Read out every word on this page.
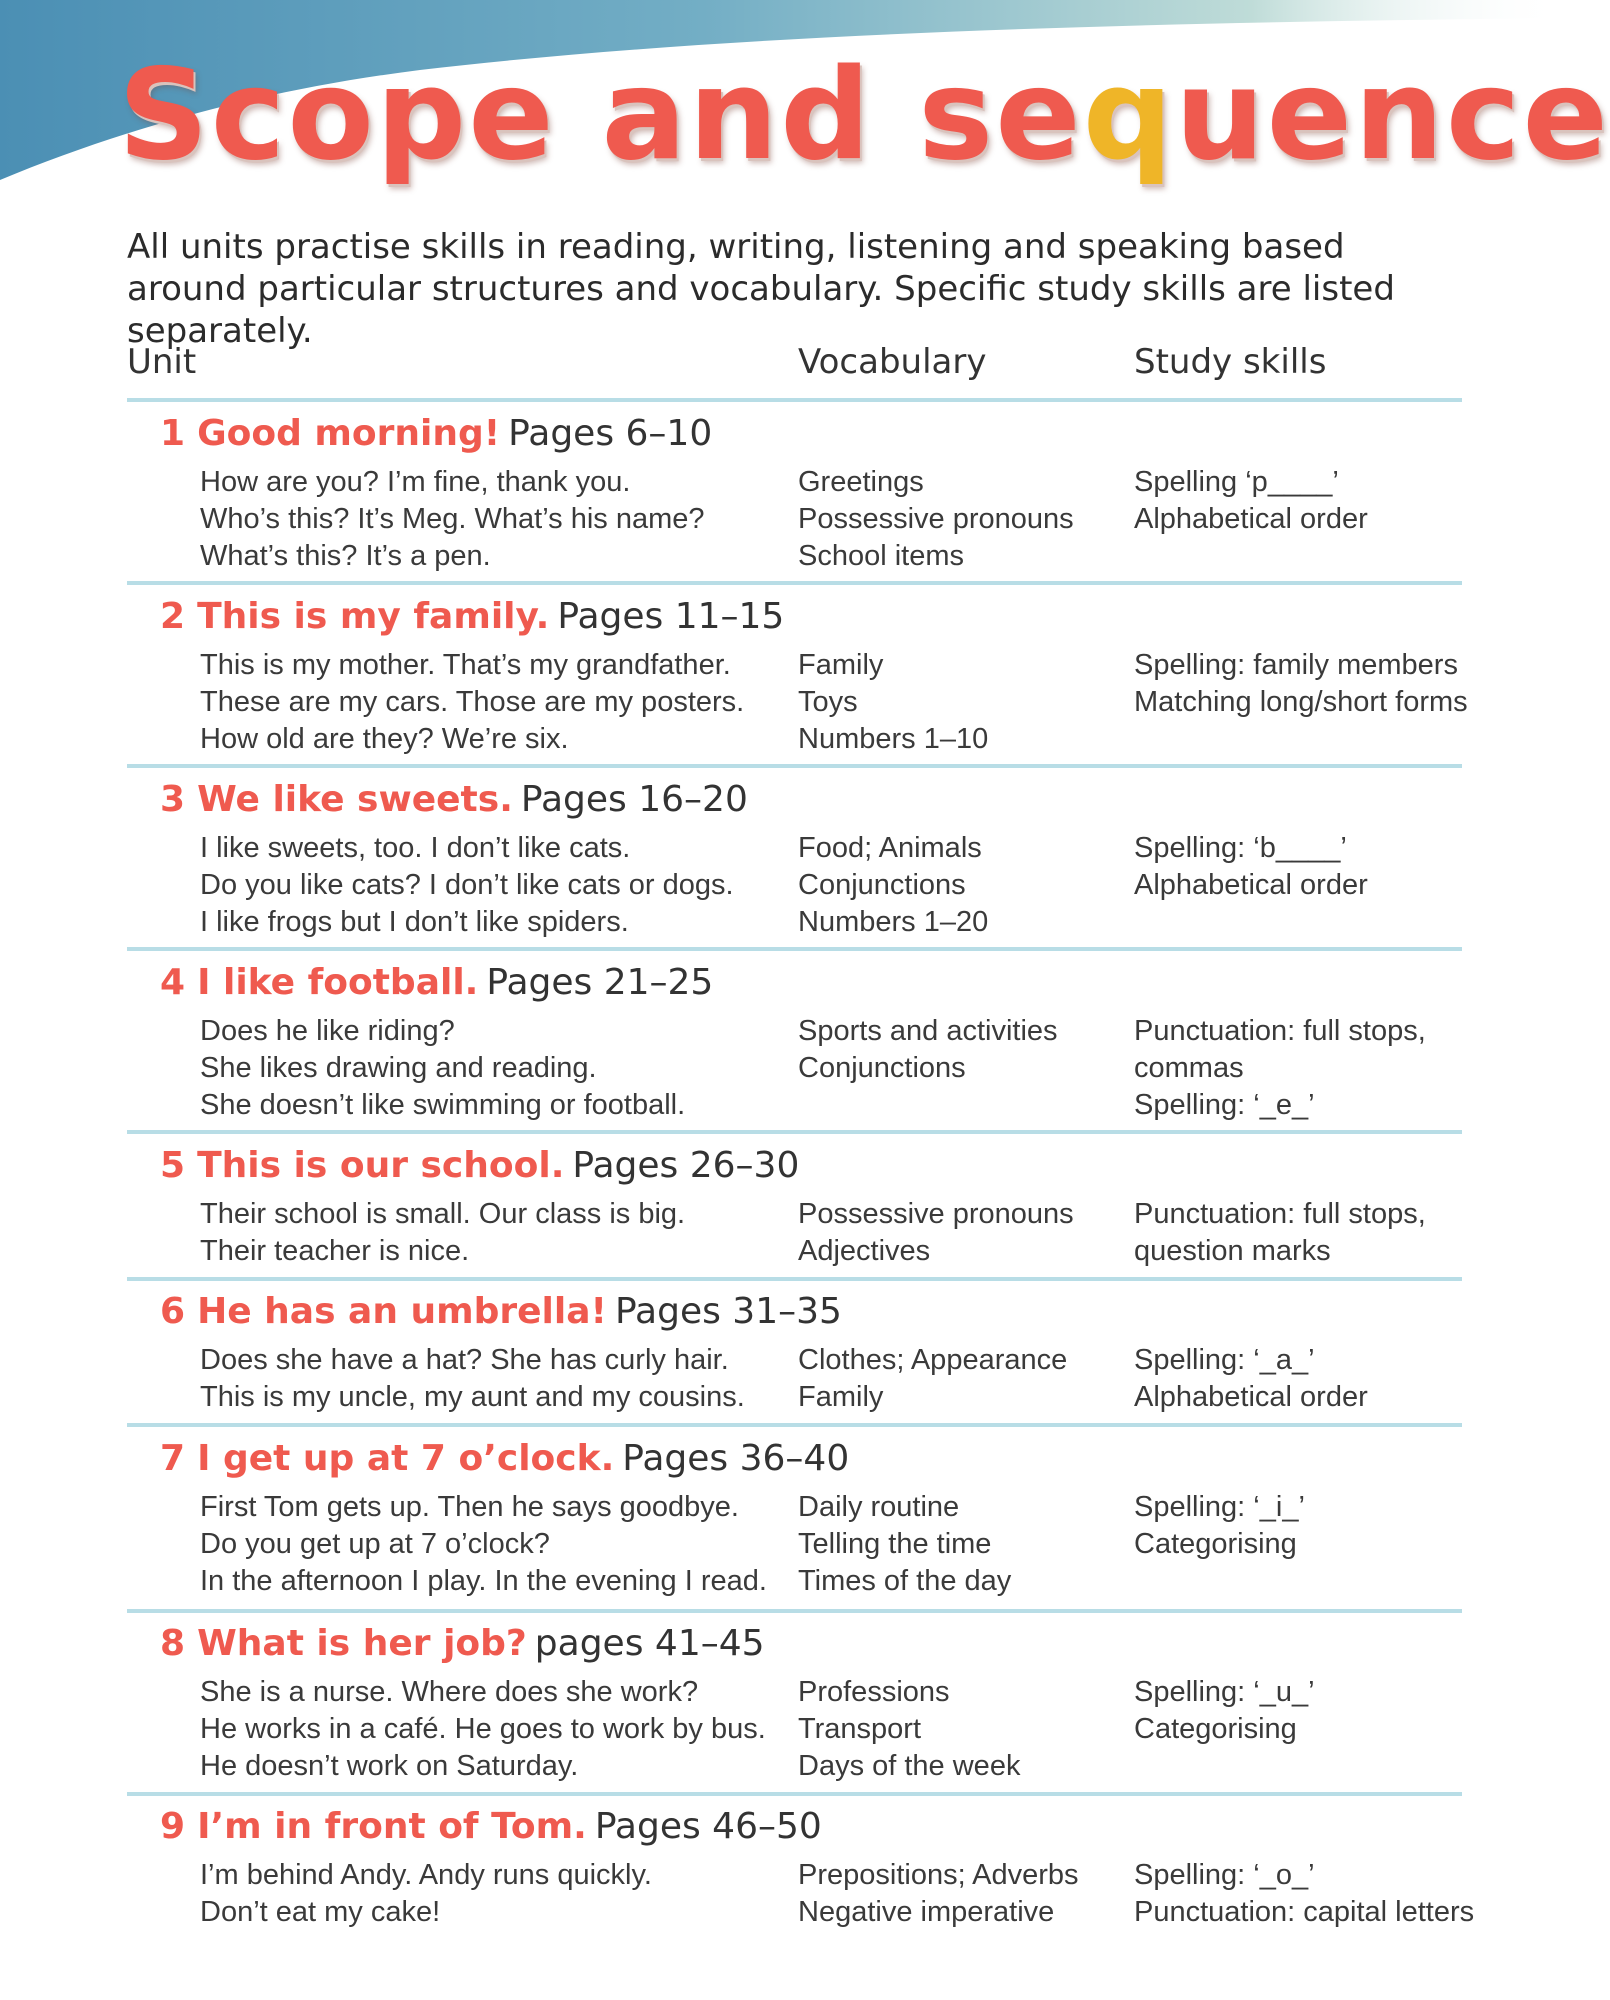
Scope and sequence

All units practise skills in reading, writing, listening and speaking based around particular structures and vocabulary. Specific study skills are listed separately.

Unit	Vocabulary	Study skills
1 Good morning! Pages 6–10
How are you? I’m fine, thank you.
Who’s this? It’s Meg. What’s his name?
What’s this? It’s a pen.
Greetings
Possessive pronouns
School items
Spelling ‘p____’
Alphabetical order
2 This is my family. Pages 11–15
This is my mother. That’s my grandfather.
These are my cars. Those are my posters.
How old are they? We’re six.
Family
Toys
Numbers 1–10
Spelling: family members
Matching long/short forms
3 We like sweets. Pages 16–20
I like sweets, too. I don’t like cats.
Do you like cats? I don’t like cats or dogs.
I like frogs but I don’t like spiders.
Food; Animals
Conjunctions
Numbers 1–20
Spelling: ‘b____’
Alphabetical order
4 I like football. Pages 21–25
Does he like riding?
She likes drawing and reading.
She doesn’t like swimming or football.
Sports and activities
Conjunctions
Punctuation: full stops,
commas
Spelling: ‘_e_’
5 This is our school. Pages 26–30
Their school is small. Our class is big.
Their teacher is nice.
Possessive pronouns
Adjectives
Punctuation: full stops,
question marks
6 He has an umbrella! Pages 31–35
Does she have a hat? She has curly hair.
This is my uncle, my aunt and my cousins.
Clothes; Appearance
Family
Spelling: ‘_a_’
Alphabetical order
7 I get up at 7 o’clock. Pages 36–40
First Tom gets up. Then he says goodbye.
Do you get up at 7 o’clock?
In the afternoon I play. In the evening I read.
Daily routine
Telling the time
Times of the day
Spelling: ‘_i_’
Categorising
8 What is her job? pages 41–45
She is a nurse. Where does she work?
He works in a café. He goes to work by bus.
He doesn’t work on Saturday.
Professions
Transport
Days of the week
Spelling: ‘_u_’
Categorising
9 I’m in front of Tom. Pages 46–50
I’m behind Andy. Andy runs quickly.
Don’t eat my cake!
Prepositions; Adverbs
Negative imperative
Spelling: ‘_o_’
Punctuation: capital letters
